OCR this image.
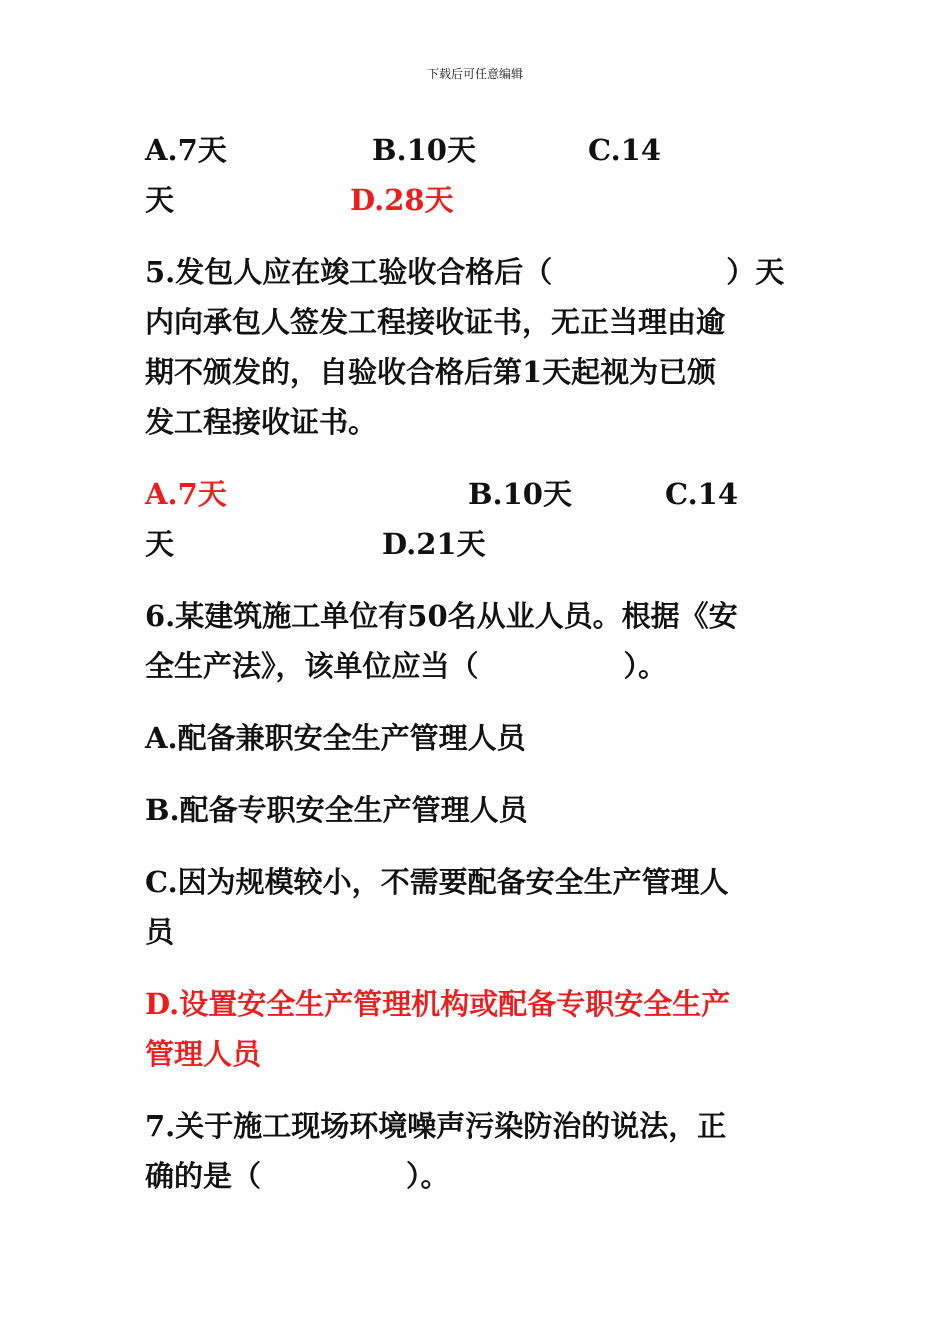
下载后可任意编辑
A.7天	B.10天	C.14
天	D.28天
5.发包人应在竣工验收合格后（　　　　　　）天
内向承包人签发工程接收证书，无正当理由逾
期不颁发的，自验收合格后第1天起视为已颁
发工程接收证书。
A.7天	B.10天	C.14
天	D.21天
6.某建筑施工单位有50名从业人员。根据《安
全生产法》，该单位应当（　　　　　）。
A.配备兼职安全生产管理人员
B.配备专职安全生产管理人员
C.因为规模较小，不需要配备安全生产管理人
员
D.设置安全生产管理机构或配备专职安全生产
管理人员
7.关于施工现场环境噪声污染防治的说法，正
确的是（　　　　　）。
